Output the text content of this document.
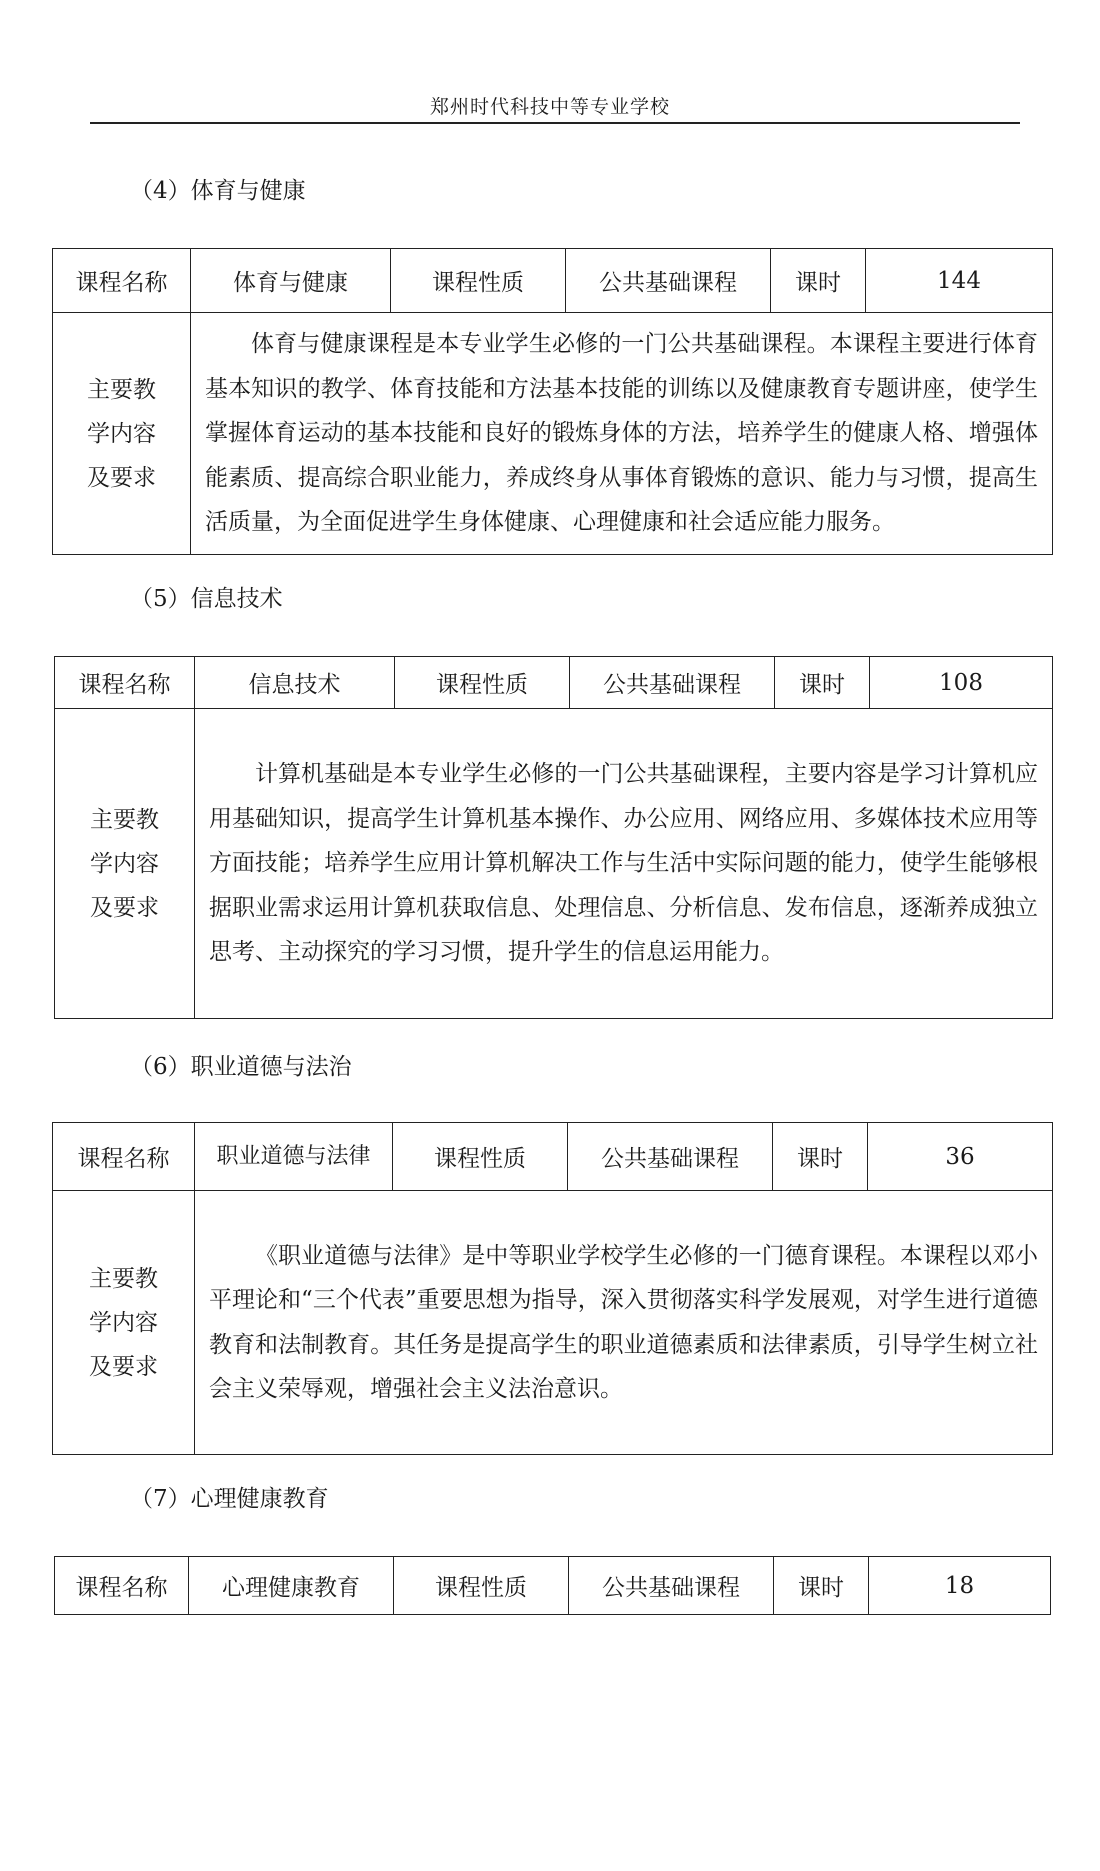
郑州时代科技中等专业学校
（4）体育与健康
课程名称	体育与健康	课程性质	公共基础课程	课时	144

主要教
学内容
及要求	体育与健康课程是本专业学生必修的一门公共基础课程。本课程主要进行体育基本知识的教学、体育技能和方法基本技能的训练以及健康教育专题讲座，使学生掌握体育运动的基本技能和良好的锻炼身体的方法，培养学生的健康人格、增强体能素质、提高综合职业能力，养成终身从事体育锻炼的意识、能力与习惯，提高生活质量，为全面促进学生身体健康、心理健康和社会适应能力服务。				

（5）信息技术
课程名称	信息技术	课程性质	公共基础课程	课时	108

主要教
学内容
及要求	计算机基础是本专业学生必修的一门公共基础课程，主要内容是学习计算机应用基础知识，提高学生计算机基本操作、办公应用、网络应用、多媒体技术应用等方面技能；培养学生应用计算机解决工作与生活中实际问题的能力，使学生能够根据职业需求运用计算机获取信息、处理信息、分析信息、发布信息，逐渐养成独立思考、主动探究的学习习惯，提升学生的信息运用能力。				

（6）职业道德与法治
课程名称	职业道德与法律	课程性质	公共基础课程	课时	36

主要教
学内容
及要求	《职业道德与法律》是中等职业学校学生必修的一门德育课程。本课程以邓小平理论和“三个代表”重要思想为指导，深入贯彻落实科学发展观，对学生进行道德教育和法制教育。其任务是提高学生的职业道德素质和法律素质，引导学生树立社会主义荣辱观，增强社会主义法治意识。				

（7）心理健康教育
课程名称	心理健康教育	课程性质	公共基础课程	课时	18
